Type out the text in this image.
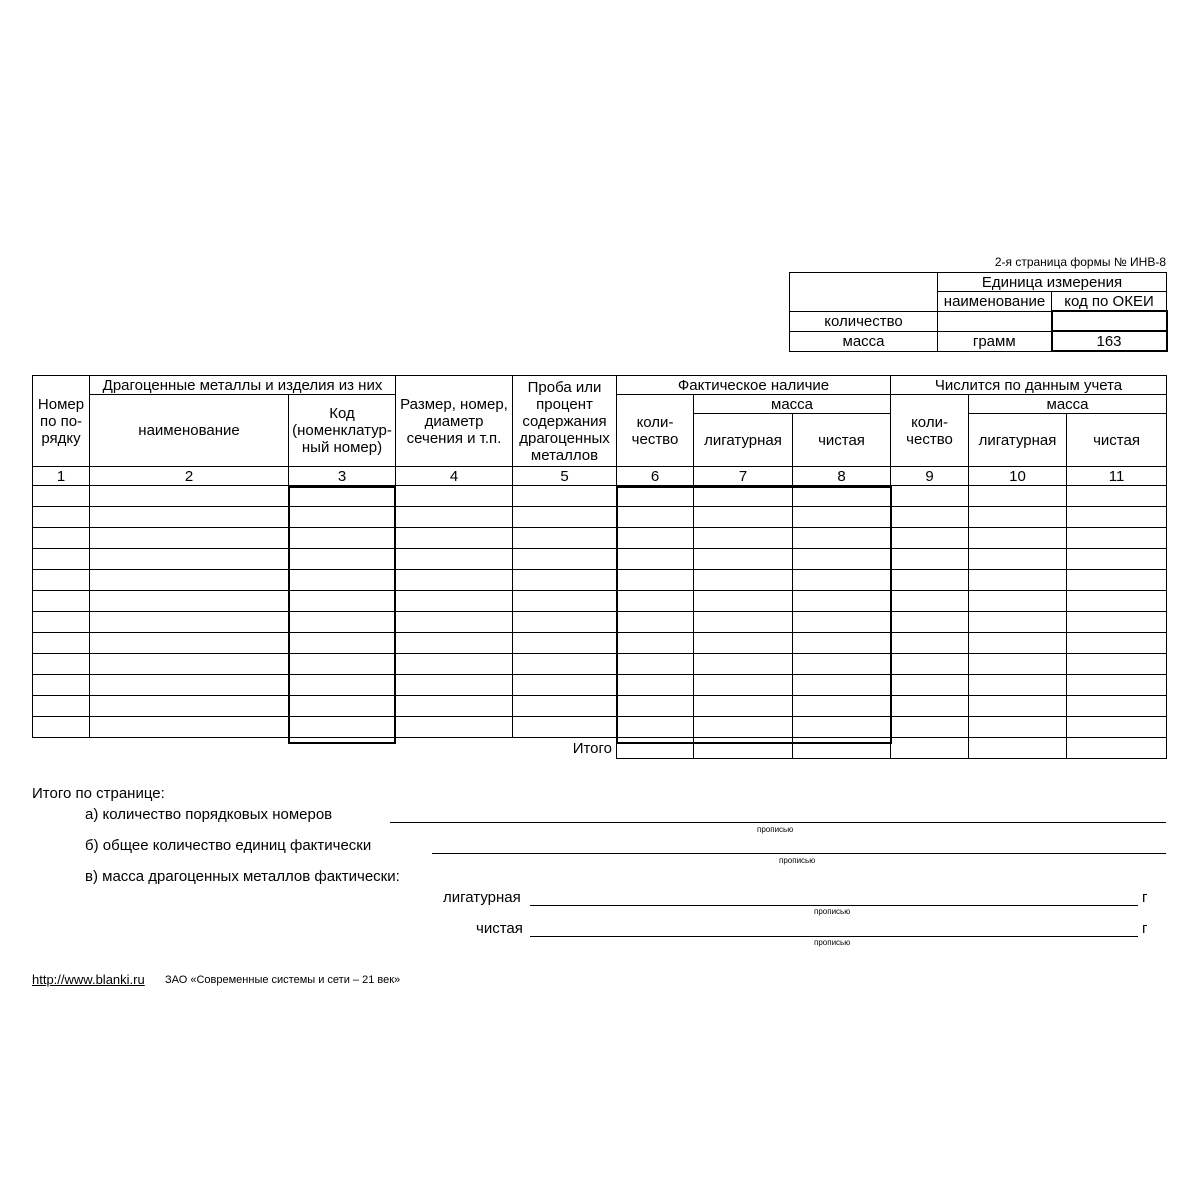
2-я страница формы № ИНВ-8
	Единица измерения	
	наименование	код по ОКЕИ
количество		
масса	грамм	163
Номер по по-рядку	Драгоценные металлы и изделия из них		Размер, номер, диаметр сечения и т.п.	Проба или процент содержания драгоценных металлов	Фактическое наличие			Числится по данным учета		
	наименование	Код (номенклатур-ный номер)			коли-чество	масса		коли-чество	масса	
						лигатурная	чистая		лигатурная	чистая
1	2	3	4	5	6	7	8	9	10	11

Итого										
Итого по странице:
а) количество порядковых номеров
прописью
б) общее количество единиц фактически
прописью
в) масса драгоценных металлов фактически:
лигатурная	г
прописью
чистая	г
прописью
http://www.blanki.ru ЗАО «Современные системы и сети – 21 век»
